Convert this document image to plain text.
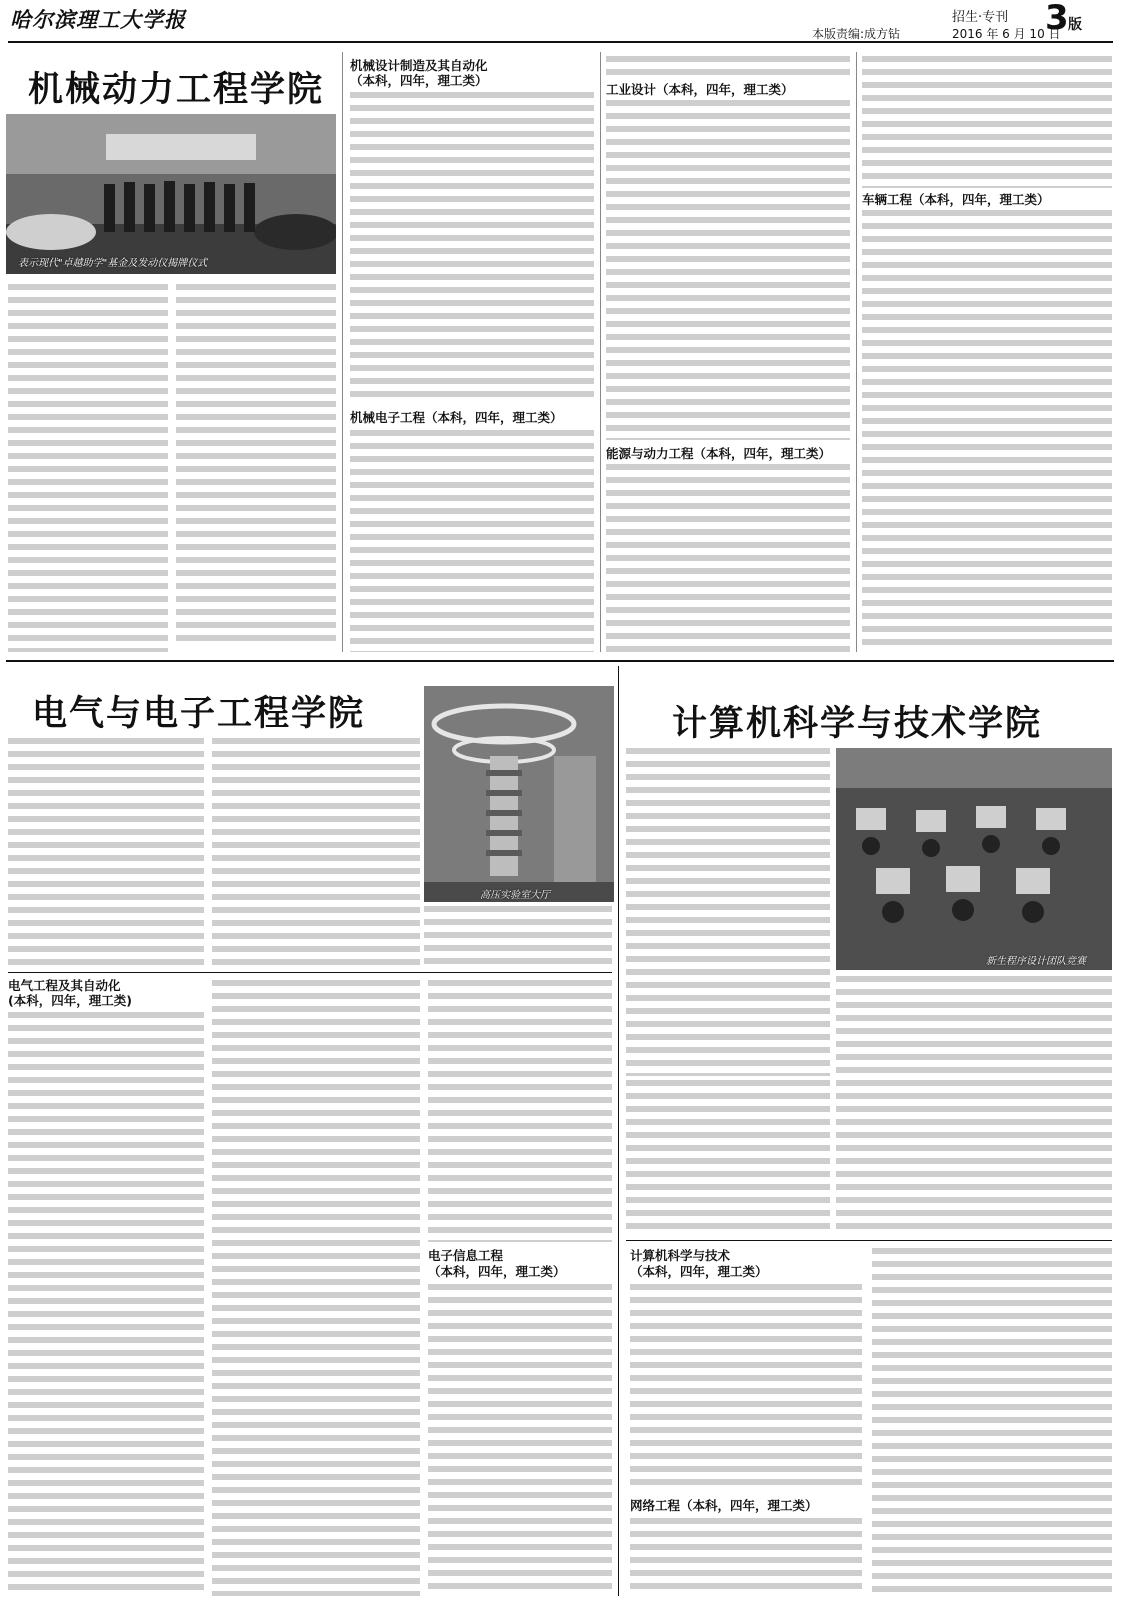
哈尔滨理工大学报
本版责编:成方钻
招生·专刊
2016 年 6 月 10 日
3 版
机械动力工程学院
表示现代"卓越助学"基金及发动仪揭牌仪式
机械设计制造及其自动化
（本科，四年，理工类）
机械电子工程（本科，四年，理工类）
工业设计（本科，四年，理工类）
能源与动力工程（本科，四年，理工类）
车辆工程（本科，四年，理工类）
电气与电子工程学院
高压实验室大厅
电气工程及其自动化
(本科，四年，理工类)
电子信息工程
（本科，四年，理工类）
计算机科学与技术学院
新生程序设计团队竞赛
计算机科学与技术
（本科，四年，理工类）
网络工程（本科，四年，理工类）
